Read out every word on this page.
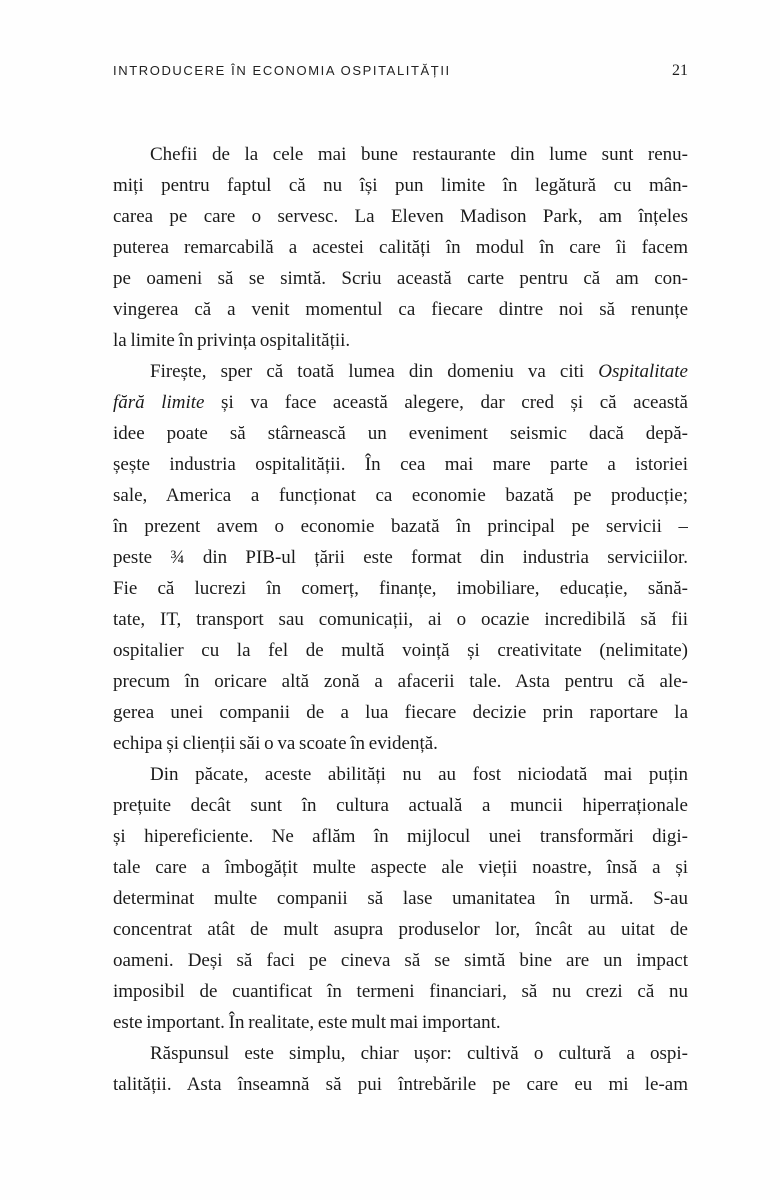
INTRODUCERE ÎN ECONOMIA OSPITALITĂȚII	21
Chefii de la cele mai bune restaurante din lume sunt renu-
miți pentru faptul că nu își pun limite în legătură cu mân-
carea pe care o servesc. La Eleven Madison Park, am înțeles
puterea remarcabilă a acestei calități în modul în care îi facem
pe oameni să se simtă. Scriu această carte pentru că am con-
vingerea că a venit momentul ca fiecare dintre noi să renunțe
la limite în privința ospitalității.
Firește, sper că toată lumea din domeniu va citi Ospitalitate
fără limite și va face această alegere, dar cred și că această
idee poate să stârnească un eveniment seismic dacă depă-
șește industria ospitalității. În cea mai mare parte a istoriei
sale, America a funcționat ca economie bazată pe producție;
în prezent avem o economie bazată în principal pe servicii –
peste ¾ din PIB-ul țării este format din industria serviciilor.
Fie că lucrezi în comerț, finanțe, imobiliare, educație, sănă-
tate, IT, transport sau comunicații, ai o ocazie incredibilă să fii
ospitalier cu la fel de multă voință și creativitate (nelimitate)
precum în oricare altă zonă a afacerii tale. Asta pentru că ale-
gerea unei companii de a lua fiecare decizie prin raportare la
echipa și clienții săi o va scoate în evidență.
Din păcate, aceste abilități nu au fost niciodată mai puțin
prețuite decât sunt în cultura actuală a muncii hiperraționale
și hipereficiente. Ne aflăm în mijlocul unei transformări digi-
tale care a îmbogățit multe aspecte ale vieții noastre, însă a și
determinat multe companii să lase umanitatea în urmă. S-au
concentrat atât de mult asupra produselor lor, încât au uitat de
oameni. Deși să faci pe cineva să se simtă bine are un impact
imposibil de cuantificat în termeni financiari, să nu crezi că nu
este important. În realitate, este mult mai important.
Răspunsul este simplu, chiar ușor: cultivă o cultură a ospi-
talității. Asta înseamnă să pui întrebările pe care eu mi le-am
